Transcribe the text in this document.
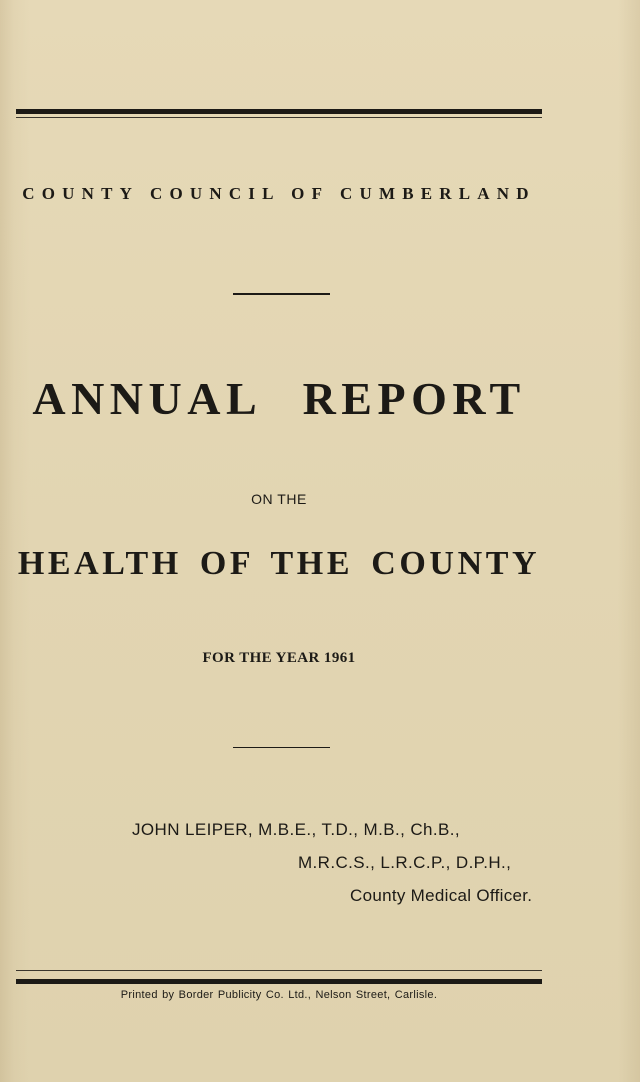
COUNTY COUNCIL OF CUMBERLAND
ANNUAL REPORT
ON THE
HEALTH OF THE COUNTY
FOR THE YEAR 1961
JOHN LEIPER, M.B.E., T.D., M.B., Ch.B.,
M.R.C.S., L.R.C.P., D.P.H.,
County Medical Officer.
Printed by Border Publicity Co. Ltd., Nelson Street, Carlisle.
